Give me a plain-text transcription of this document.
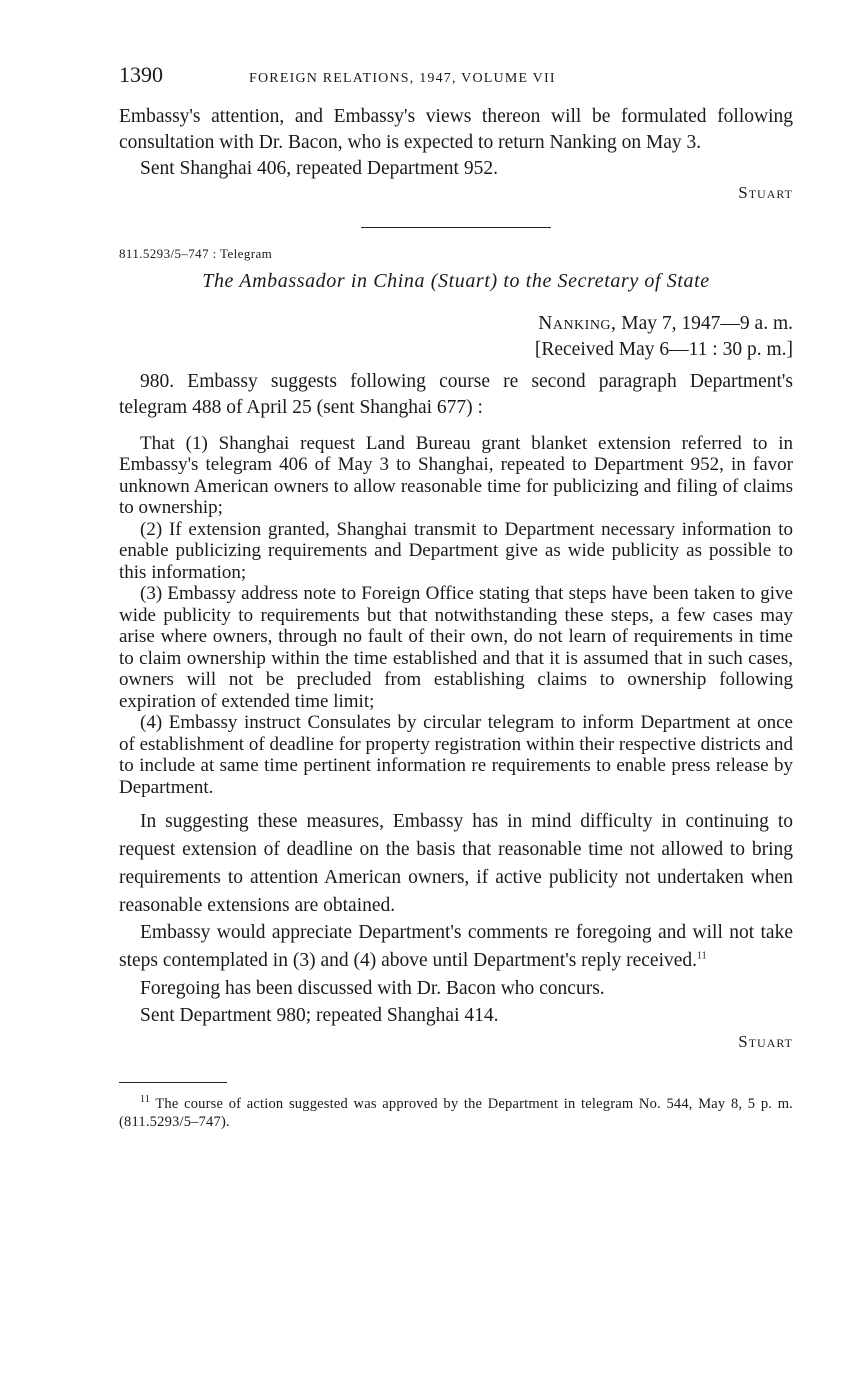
1390	FOREIGN RELATIONS, 1947, VOLUME VII

Embassy's attention, and Embassy's views thereon will be formulated following consultation with Dr. Bacon, who is expected to return Nanking on May 3.

Sent Shanghai 406, repeated Department 952.

Stuart

811.5293/5–747 : Telegram

The Ambassador in China (Stuart) to the Secretary of State

Nanking, May 7, 1947—9 a. m.
[Received May 6—11 : 30 p. m.]

980. Embassy suggests following course re second paragraph Department's telegram 488 of April 25 (sent Shanghai 677) :

That (1) Shanghai request Land Bureau grant blanket extension referred to in Embassy's telegram 406 of May 3 to Shanghai, repeated to Department 952, in favor unknown American owners to allow reasonable time for publicizing and filing of claims to ownership;

(2) If extension granted, Shanghai transmit to Department necessary information to enable publicizing requirements and Department give as wide publicity as possible to this information;

(3) Embassy address note to Foreign Office stating that steps have been taken to give wide publicity to requirements but that notwithstanding these steps, a few cases may arise where owners, through no fault of their own, do not learn of requirements in time to claim ownership within the time established and that it is assumed that in such cases, owners will not be precluded from establishing claims to ownership following expiration of extended time limit;

(4) Embassy instruct Consulates by circular telegram to inform Department at once of establishment of deadline for property registration within their respective districts and to include at same time pertinent information re requirements to enable press release by Department.

In suggesting these measures, Embassy has in mind difficulty in continuing to request extension of deadline on the basis that reasonable time not allowed to bring requirements to attention American owners, if active publicity not undertaken when reasonable extensions are obtained.

Embassy would appreciate Department's comments re foregoing and will not take steps contemplated in (3) and (4) above until Department's reply received.$^{11}$

Foregoing has been discussed with Dr. Bacon who concurs.

Sent Department 980; repeated Shanghai 414.

Stuart

$^{11}$ The course of action suggested was approved by the Department in telegram No. 544, May 8, 5 p. m. (811.5293/5–747).
